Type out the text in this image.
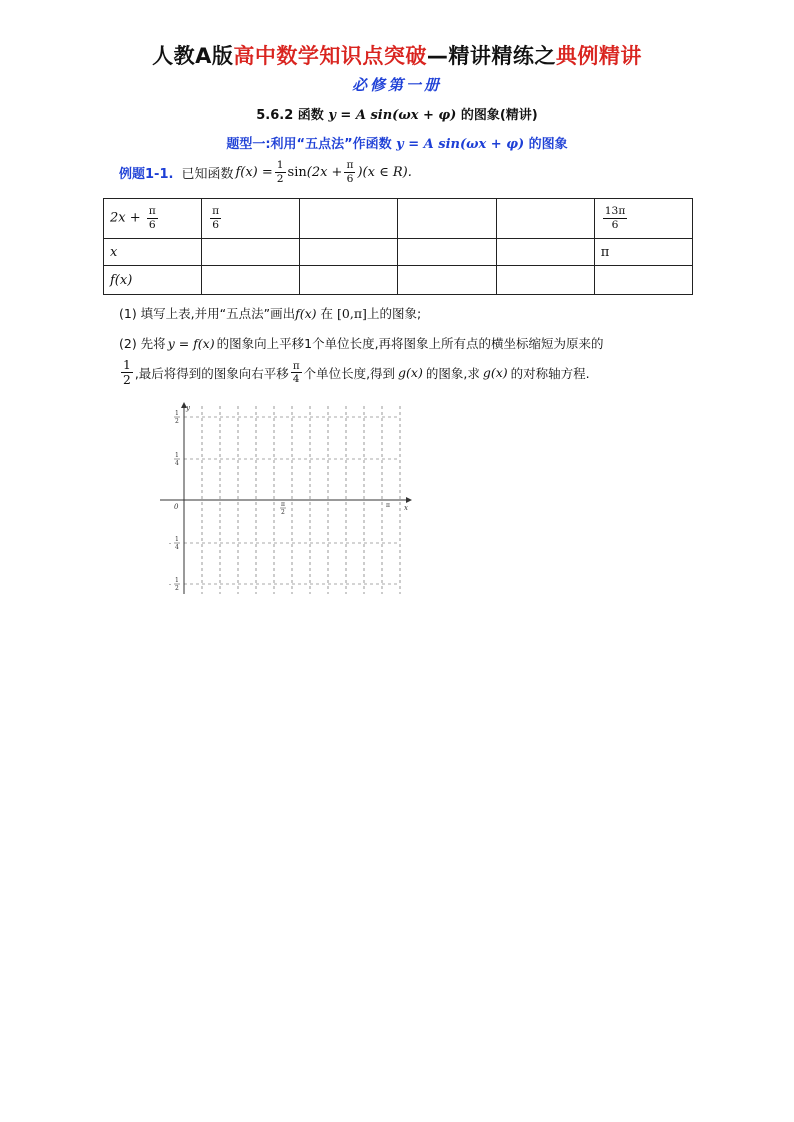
人教A版高中数学知识点突破—精讲精练之典例精讲
必修第一册
5.6.2 函数 y = A sin(ωx + φ) 的图象(精讲)
题型一:利用“五点法”作函数 y = A sin(ωx + φ) 的图象
例题1-1. 已知函数 $f(x) = \frac{1}{2}$ $\sin (2x + \frac{\pi}{6}$ ) (x ∈ R).
$2x + \frac{\pi}{6}$	$\frac{\pi}{6}$				$\frac{13\pi}{6}$

x					π
f(x)					
(1) 填写上表,并用“五点法”画出f(x) 在 [0,π]上的图象;
(2) 先将 y = f(x) 的图象向上平移1个单位长度,再将图象上所有点的横坐标缩短为原来的
$\frac{1}{2}$ ,最后将得到的图象向右平移 $\frac{\pi}{4}$ 个单位长度,得到 g(x) 的图象,求 g(x) 的对称轴方程.
y
x
0	π
2
π
1
2
1
4
-
1
4
-
1
2
